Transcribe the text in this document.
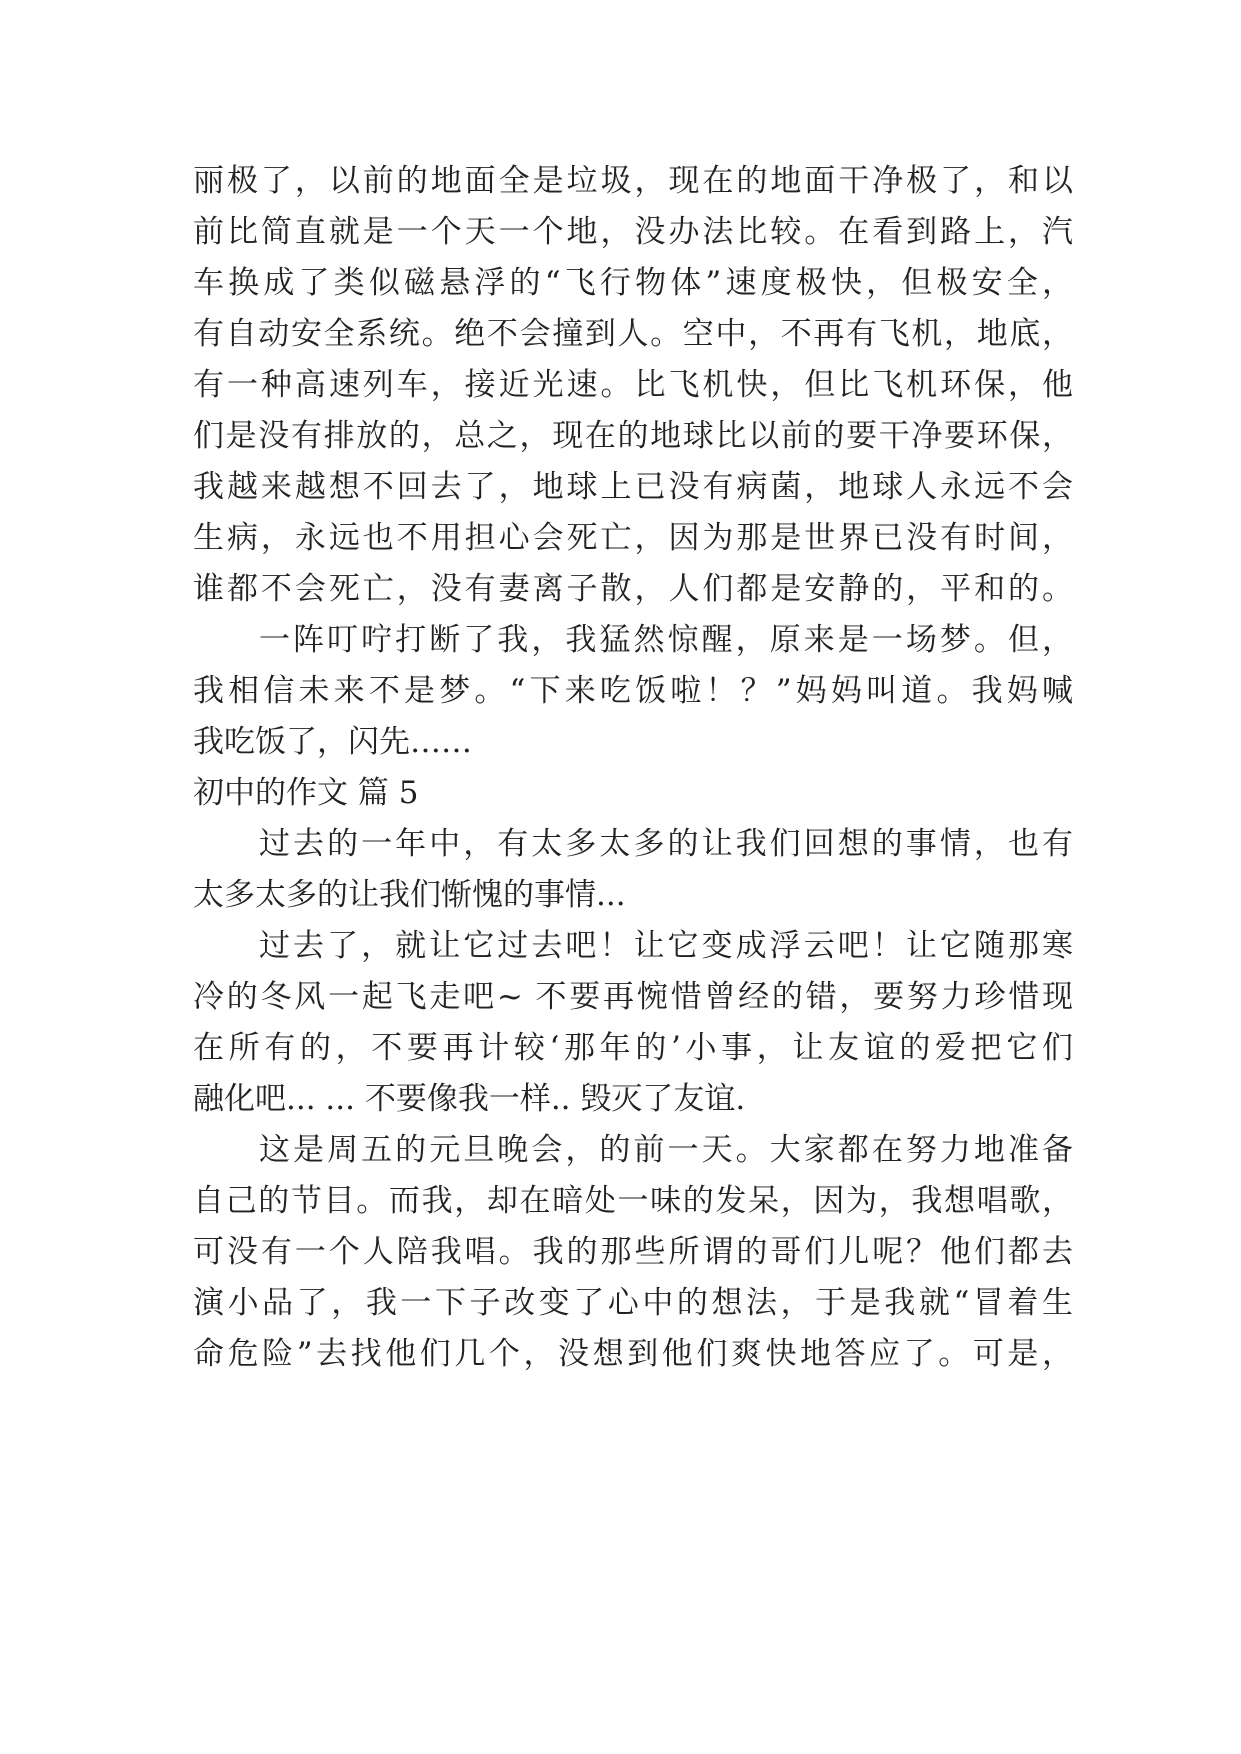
丽极了，以前的地面全是垃圾，现在的地面干净极了，和以
前比简直就是一个天一个地，没办法比较。在看到路上，汽
车换成了类似磁悬浮的“飞行物体”速度极快，但极安全，
有自动安全系统。绝不会撞到人。空中，不再有飞机，地底，
有一种高速列车，接近光速。比飞机快，但比飞机环保，他
们是没有排放的，总之，现在的地球比以前的要干净要环保，
我越来越想不回去了，地球上已没有病菌，地球人永远不会
生病，永远也不用担心会死亡，因为那是世界已没有时间，
谁都不会死亡，没有妻离子散，人们都是安静的，平和的。
一阵叮咛打断了我，我猛然惊醒，原来是一场梦。但，
我相信未来不是梦。“下来吃饭啦！？”妈妈叫道。我妈喊
我吃饭了，闪先……
初中的作文 篇 5
过去的一年中，有太多太多的让我们回想的事情，也有
太多太多的让我们惭愧的事情...
过去了，就让它过去吧！让它变成浮云吧！让它随那寒
冷的冬风一起飞走吧~ 不要再惋惜曾经的错，要努力珍惜现
在所有的，不要再计较‘那年的’小事，让友谊的爱把它们
融化吧... ... 不要像我一样.. 毁灭了友谊.
这是周五的元旦晚会，的前一天。大家都在努力地准备
自己的节目。而我，却在暗处一味的发呆，因为，我想唱歌，
可没有一个人陪我唱。我的那些所谓的哥们儿呢？他们都去
演小品了，我一下子改变了心中的想法，于是我就“冒着生
命危险”去找他们几个，没想到他们爽快地答应了。可是，
